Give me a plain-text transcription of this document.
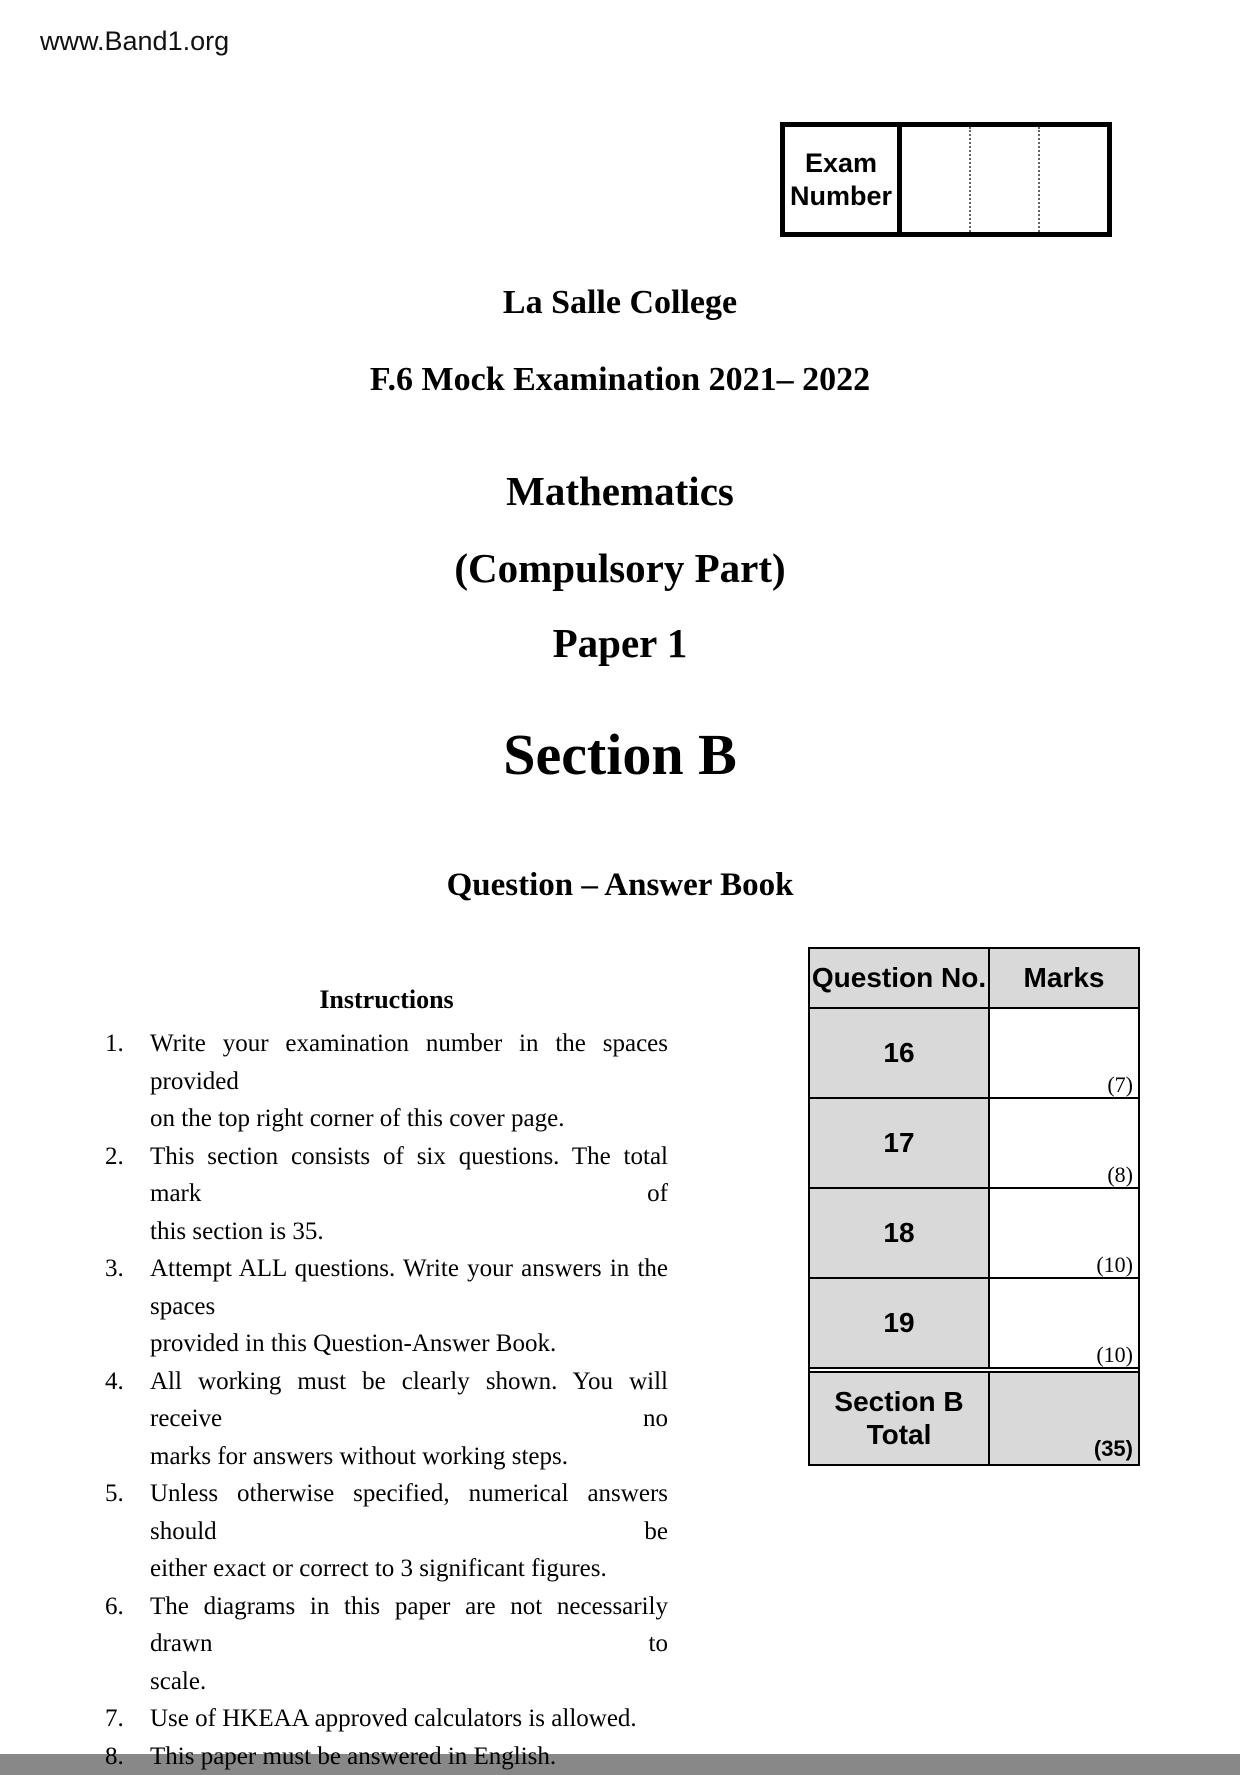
www.Band1.org
Exam Number
La Salle College
F.6 Mock Examination 2021– 2022
Mathematics
(Compulsory Part)
Paper 1
Section B
Question – Answer Book
Instructions
1. Write your examination number in the spaces provided
on the top right corner of this cover page.
2. This section consists of six questions. The total mark of
this section is 35.
3. Attempt ALL questions. Write your answers in the spaces
provided in this Question-Answer Book.
4. All working must be clearly shown. You will receive no
marks for answers without working steps.
5. Unless otherwise specified, numerical answers should be
either exact or correct to 3 significant figures.
6. The diagrams in this paper are not necessarily drawn to
scale.
7. Use of HKEAA approved calculators is allowed.
8. This paper must be answered in English.
Question No.	Marks
16
(7)
17
(8)
18
(10)
19
(10)
Section B Total	(35)
